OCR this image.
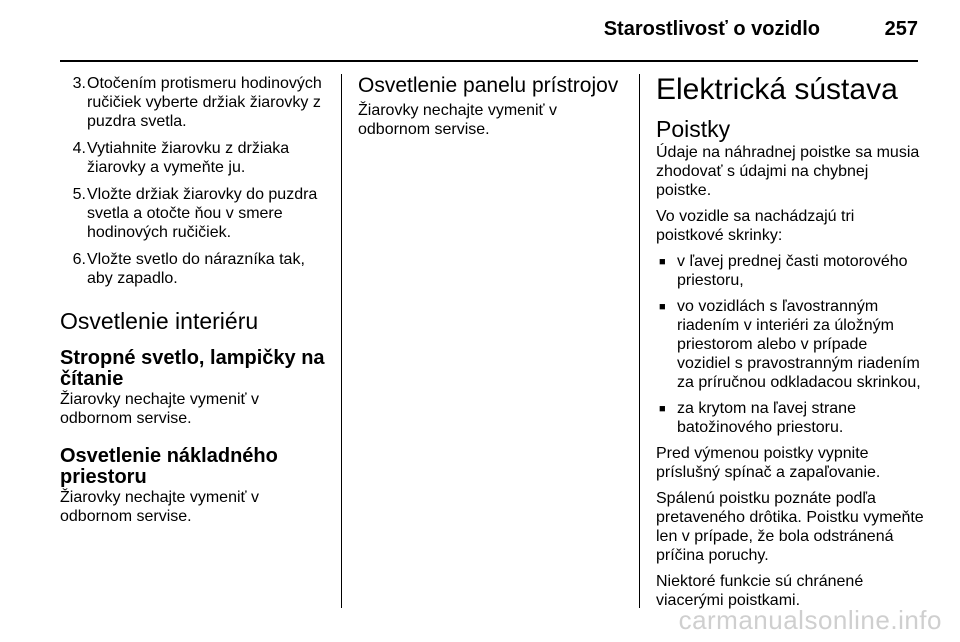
Starostlivosť o vozidlo	257
3. Otočením protismeru hodinových ručičiek vyberte držiak žiarovky z puzdra svetla.
4. Vytiahnite žiarovku z držiaka žiarovky a vymeňte ju.
5. Vložte držiak žiarovky do puzdra svetla a otočte ňou v smere hodinových ručičiek.
6. Vložte svetlo do nárazníka tak, aby zapadlo.
Osvetlenie interiéru
Stropné svetlo, lampičky na čítanie

Žiarovky nechajte vymeniť v odbornom servise.

Osvetlenie nákladného priestoru

Žiarovky nechajte vymeniť v odbornom servise.

Osvetlenie panelu prístrojov

Žiarovky nechajte vymeniť v odbornom servise.

Elektrická sústava
Poistky

Údaje na náhradnej poistke sa musia zhodovať s údajmi na chybnej poistke.

Vo vozidle sa nachádzajú tri poistkové skrinky:

■ v ľavej prednej časti motorového priestoru,
■ vo vozidlách s ľavostranným riadením v interiéri za úložným priestorom alebo v prípade vozidiel s pravostranným riadením za príručnou odkladacou skrinkou,
■ za krytom na ľavej strane batožinového priestoru.

Pred výmenou poistky vypnite príslušný spínač a zapaľovanie.

Spálenú poistku poznáte podľa pretaveného drôtika. Poistku vymeňte len v prípade, že bola odstránená príčina poruchy.

Niektoré funkcie sú chránené viacerými poistkami.

carmanualsonline.info
